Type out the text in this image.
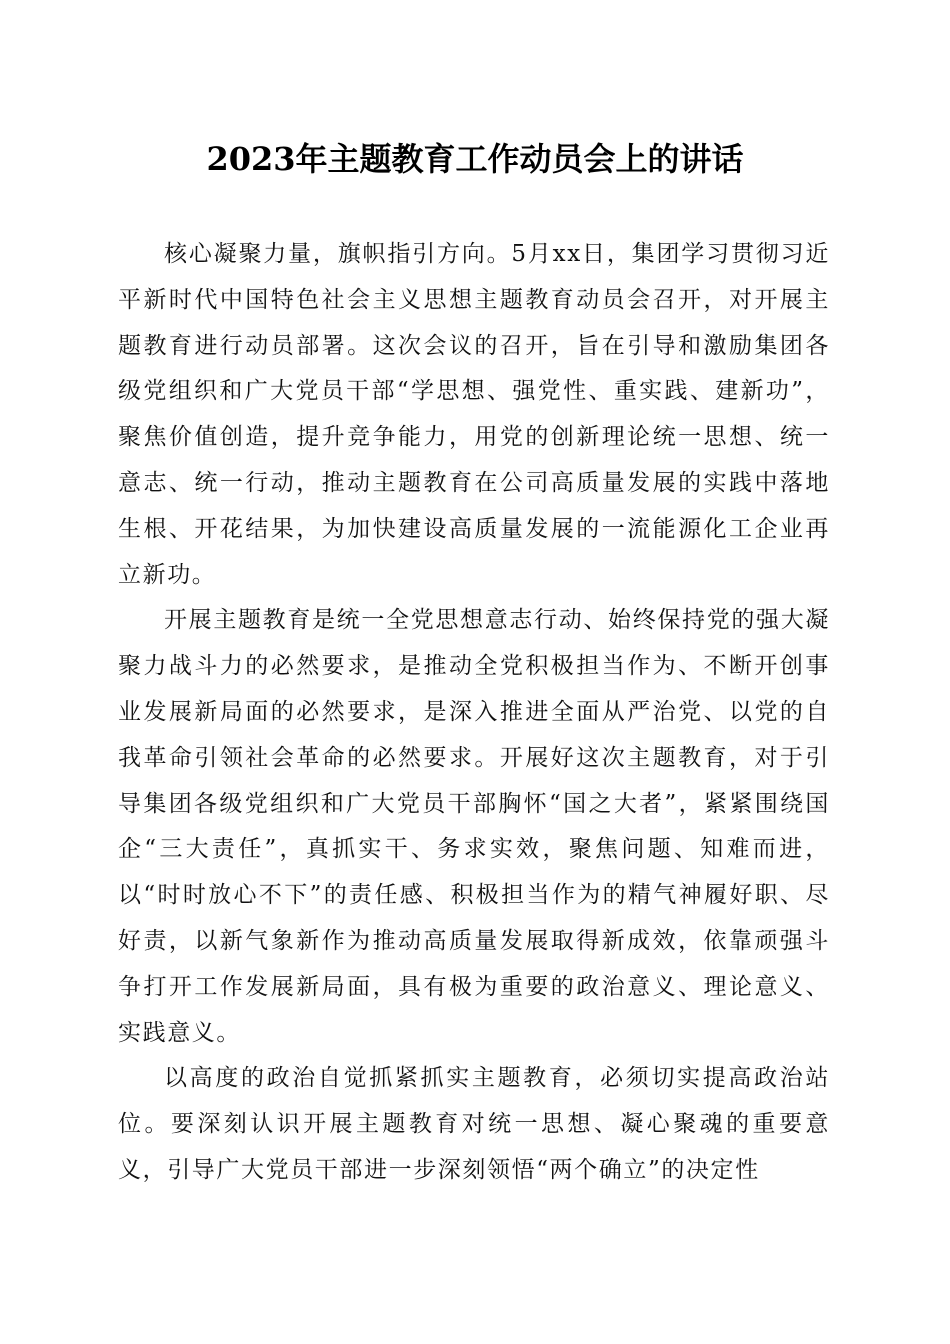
2023年主题教育工作动员会上的讲话

核心凝聚力量，旗帜指引方向。5月xx日，集团学习贯彻习近平新时代中国特色社会主义思想主题教育动员会召开，对开展主题教育进行动员部署。这次会议的召开，旨在引导和激励集团各级党组织和广大党员干部“学思想、强党性、重实践、建新功”，聚焦价值创造，提升竞争能力，用党的创新理论统一思想、统一意志、统一行动，推动主题教育在公司高质量发展的实践中落地生根、开花结果，为加快建设高质量发展的一流能源化工企业再立新功。

开展主题教育是统一全党思想意志行动、始终保持党的强大凝聚力战斗力的必然要求，是推动全党积极担当作为、不断开创事业发展新局面的必然要求，是深入推进全面从严治党、以党的自我革命引领社会革命的必然要求。开展好这次主题教育，对于引导集团各级党组织和广大党员干部胸怀“国之大者”，紧紧围绕国企“三大责任”，真抓实干、务求实效，聚焦问题、知难而进，以“时时放心不下”的责任感、积极担当作为的精气神履好职、尽好责，以新气象新作为推动高质量发展取得新成效，依靠顽强斗争打开工作发展新局面，具有极为重要的政治意义、理论意义、实践意义。

以高度的政治自觉抓紧抓实主题教育，必须切实提高政治站位。要深刻认识开展主题教育对统一思想、凝心聚魂的重要意义，引导广大党员干部进一步深刻领悟“两个确立”的决定性
